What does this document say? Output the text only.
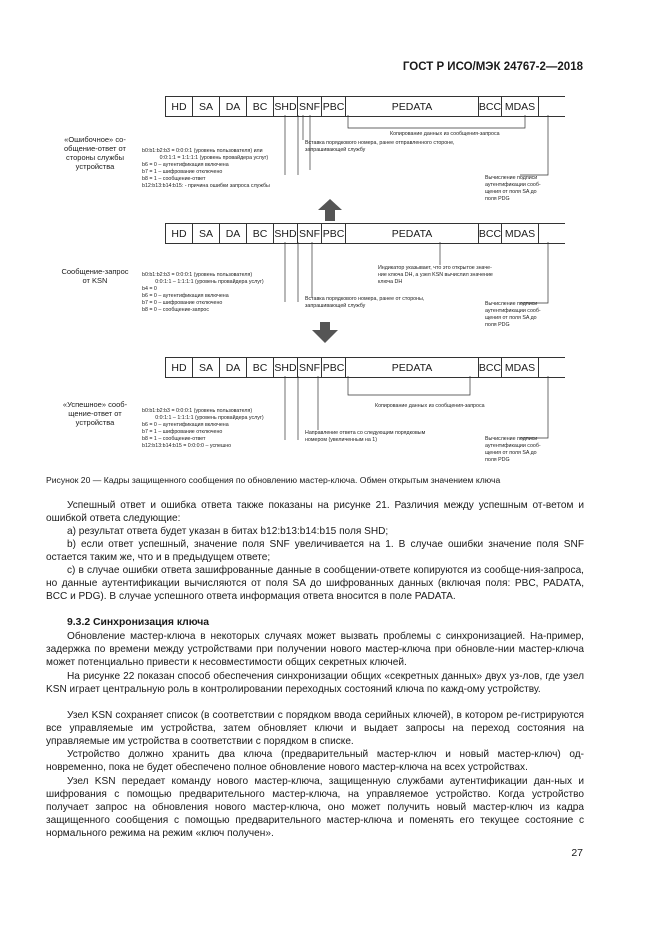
ГОСТ Р ИСО/МЭК 24767-2—2018
HD	SA	DA	BC SHD SNF PBC	PEDATA	BCC MDAS
«Ошибочное» со-
общение-ответ от
стороны службы
устройства
b0:b1:b2:b3 = 0:0:0:1 (уровень пользователя) или
0:0:1:1 = 1:1:1:1 (уровень провайдера услуг)
b6 = 0 – аутентификация включена
b7 = 1 – шифрование отключено
b8 = 1 – сообщение-ответ
b12:b13:b14:b15: - причина ошибки запроса службы
Вставка порядкового номера, ранее отправленного стороне,
запрашивающей службу
Копирование данных из сообщения-запроса
Вычисление подписи
аутентификации сооб-
щения от поля SA до
поля PDG
HD	SA	DA	BC SHD SNF PBC	PEDATA	BCC MDAS
Сообщение-запрос
от KSN
b0:b1:b2:b3 = 0:0:0:1 (уровень пользователя)
0:0:1:1 – 1:1:1:1 (уровень провайдера услуг)
b4 = 0
b6 = 0 – аутентификация включена
b7 = 0 – шифрование отключено
b8 = 0 – сообщение-запрос
Вставка порядкового номера, ранее от стороны,
запрашивающей службу
Индикатор указывает, что это открытое значе-
ние ключа DH, а узел KSN вычислил значение
ключа DH
Вычисление подписи
аутентификации сооб-
щения от поля SA до
поля PDG
HD	SA	DA	BC SHD SNF PBC	PEDATA	BCC MDAS
«Успешное» сооб-
щение-ответ от
устройства
b0:b1:b2:b3 = 0:0:0:1 (уровень пользователя)
0:0:1:1 – 1:1:1:1 (уровень провайдера услуг)
b6 = 0 – аутентификация включена
b7 = 1 – шифрование отключено
b8 = 1 – сообщение-ответ
b12:b13:b14:b15 = 0:0:0:0 – успешно
Направление ответа со следующим порядковым
номером (увеличенным на 1)
Копирование данных из сообщения-запроса
Вычисление подписи
аутентификации сооб-
щения от поля SA до
поля PDG
Рисунок 20 — Кадры защищенного сообщения по обновлению мастер-ключа. Обмен открытым значением ключа
Успешный ответ и ошибка ответа также показаны на рисунке 21. Различия между успешным от-ветом и ошибкой ответа следующие:
а) результат ответа будет указан в битах b12:b13:b14:b15 поля SHD;
b) если ответ успешный, значение поля SNF увеличивается на 1. В случае ошибки значение поля SNF остается таким же, что и в предыдущем ответе;
c) в случае ошибки ответа зашифрованные данные в сообщении-ответе копируются из сообще-ния-запроса, но данные аутентификации вычисляются от поля SA до шифрованных данных (включая поля: PBC, PADATA, BCC и PDG). В случае успешного ответа информация ответа вносится в поле PADATA.
9.3.2 Синхронизация ключа
Обновление мастер-ключа в некоторых случаях может вызвать проблемы с синхронизацией. На-пример, задержка по времени между устройствами при получении нового мастер-ключа при обновле-нии мастер-ключа может потенциально привести к несовместимости общих секретных ключей.
На рисунке 22 показан способ обеспечения синхронизации общих «секретных данных» двух уз-лов, где узел KSN играет центральную роль в контролировании переходных состояний ключа по кажд-ому устройству.
Узел KSN сохраняет список (в соответствии с порядком ввода серийных ключей), в котором ре-гистрируются все управляемые им устройства, затем обновляет ключи и выдает запросы на переход состояния на управляемые им устройства в соответствии с порядком в списке.
Устройство должно хранить два ключа (предварительный мастер-ключ и новый мастер-ключ) од-новременно, пока не будет обеспечено полное обновление нового мастер-ключа на всех устройствах.
Узел KSN передает команду нового мастер-ключа, защищенную службами аутентификации дан-ных и шифрования с помощью предварительного мастер-ключа, на управляемое устройство. Когда устройство получает запрос на обновления нового мастер-ключа, оно может получить новый мастер-ключ из кадра защищенного сообщения с помощью предварительного мастер-ключа и поменять его текущее состояние с нормального режима на режим «ключ получен».
27
